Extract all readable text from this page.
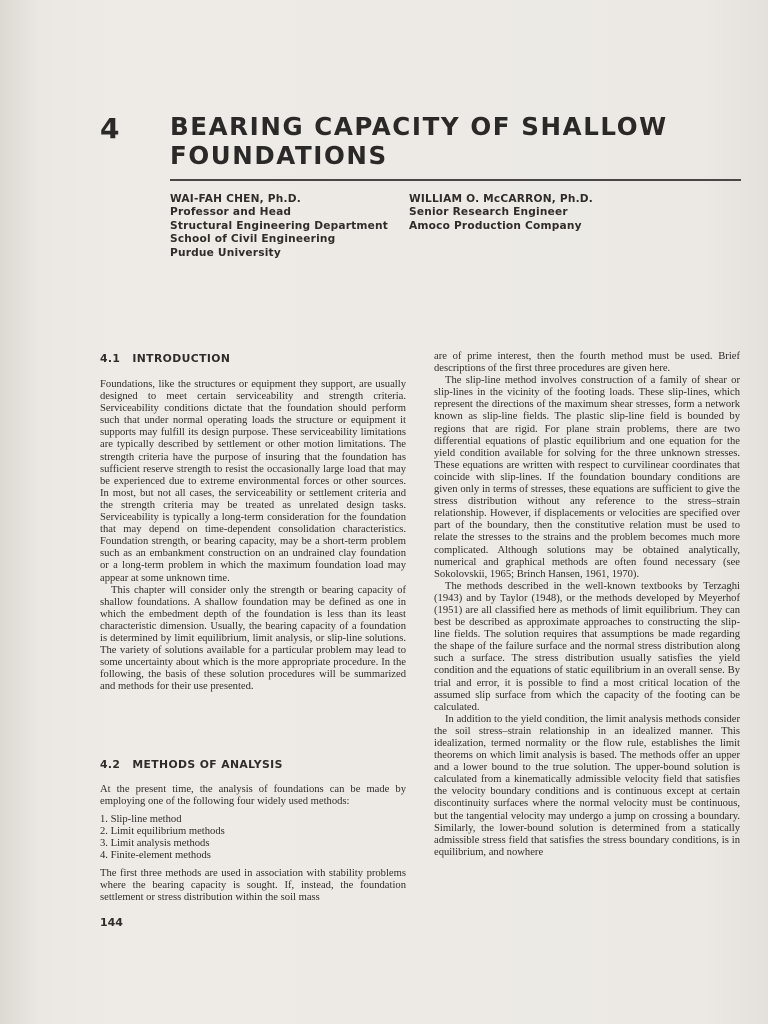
4 BEARING CAPACITY OF SHALLOW FOUNDATIONS
WAI-FAH CHEN, Ph.D.
Professor and Head
Structural Engineering Department
School of Civil Engineering
Purdue University
WILLIAM O. McCARRON, Ph.D.
Senior Research Engineer
Amoco Production Company
4.1 INTRODUCTION

Foundations, like the structures or equipment they support, are usually designed to meet certain serviceability and strength criteria. Serviceability conditions dictate that the foundation should perform such that under normal operating loads the structure or equipment it supports may fulfill its design purpose. These serviceability limitations are typically described by settlement or other motion limitations. The strength criteria have the purpose of insuring that the foundation has sufficient reserve strength to resist the occasionally large load that may be experienced due to extreme environmental forces or other sources. In most, but not all cases, the serviceability or settlement criteria and the strength criteria may be treated as unrelated design tasks. Serviceability is typically a long-term consideration for the foundation that may depend on time-dependent consolidation characteristics. Foundation strength, or bearing capacity, may be a short-term problem such as an embankment construction on an undrained clay foundation or a long-term problem in which the maximum foundation load may appear at some unknown time.

This chapter will consider only the strength or bearing capacity of shallow foundations. A shallow foundation may be defined as one in which the embedment depth of the foundation is less than its least characteristic dimension. Usually, the bearing capacity of a foundation is determined by limit equilibrium, limit analysis, or slip-line solutions. The variety of solutions available for a particular problem may lead to some uncertainty about which is the more appropriate procedure. In the following, the basis of these solution procedures will be summarized and methods for their use presented.

4.2 METHODS OF ANALYSIS

At the present time, the analysis of foundations can be made by employing one of the following four widely used methods:

1. Slip-line method
2. Limit equilibrium methods
3. Limit analysis methods
4. Finite-element methods

The first three methods are used in association with stability problems where the bearing capacity is sought. If, instead, the foundation settlement or stress distribution within the soil mass

are of prime interest, then the fourth method must be used. Brief descriptions of the first three procedures are given here.

The slip-line method involves construction of a family of shear or slip-lines in the vicinity of the footing loads. These slip-lines, which represent the directions of the maximum shear stresses, form a network known as slip-line fields. The plastic slip-line field is bounded by regions that are rigid. For plane strain problems, there are two differential equations of plastic equilibrium and one equation for the yield condition available for solving for the three unknown stresses. These equations are written with respect to curvilinear coordinates that coincide with slip-lines. If the foundation boundary conditions are given only in terms of stresses, these equations are sufficient to give the stress distribution without any reference to the stress–strain relationship. However, if displacements or velocities are specified over part of the boundary, then the constitutive relation must be used to relate the stresses to the strains and the problem becomes much more complicated. Although solutions may be obtained analytically, numerical and graphical methods are often found necessary (see Sokolovskii, 1965; Brinch Hansen, 1961, 1970).

The methods described in the well-known textbooks by Terzaghi (1943) and by Taylor (1948), or the methods developed by Meyerhof (1951) are all classified here as methods of limit equilibrium. They can best be described as approximate approaches to constructing the slip-line fields. The solution requires that assumptions be made regarding the shape of the failure surface and the normal stress distribution along such a surface. The stress distribution usually satisfies the yield condition and the equations of static equilibrium in an overall sense. By trial and error, it is possible to find a most critical location of the assumed slip surface from which the capacity of the footing can be calculated.

In addition to the yield condition, the limit analysis methods consider the soil stress–strain relationship in an idealized manner. This idealization, termed normality or the flow rule, establishes the limit theorems on which limit analysis is based. The methods offer an upper and a lower bound to the true solution. The upper-bound solution is calculated from a kinematically admissible velocity field that satisfies the velocity boundary conditions and is continuous except at certain discontinuity surfaces where the normal velocity must be continuous, but the tangential velocity may undergo a jump on crossing a boundary. Similarly, the lower-bound solution is determined from a statically admissible stress field that satisfies the stress boundary conditions, is in equilibrium, and nowhere

144
